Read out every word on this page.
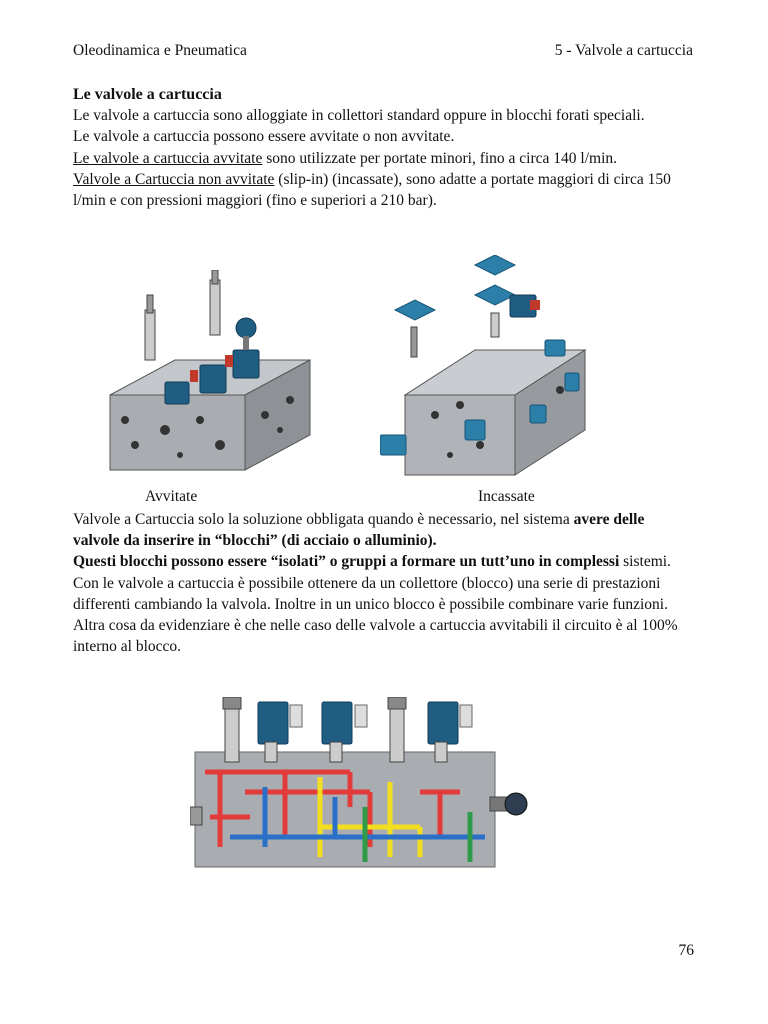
Oleodinamica e Pneumatica	5 - Valvole a cartuccia

Le valvole a cartuccia

Le valvole a cartuccia sono alloggiate in collettori standard oppure in blocchi forati speciali.

Le valvole a cartuccia possono essere avvitate o non avvitate.

Le valvole a cartuccia avvitate sono utilizzate per portate minori, fino a circa 140 l/min.

Valvole a Cartuccia non avvitate (slip-in) (incassate), sono adatte a portate maggiori di circa 150 l/min e con pressioni maggiori (fino e superiori a 210 bar).

Avvitate	Incassate

Valvole a Cartuccia solo la soluzione obbligata quando è necessario, nel sistema avere delle valvole da inserire in “blocchi” (di acciaio o alluminio).

Questi blocchi possono essere “isolati” o gruppi a formare un tutt’uno in complessi sistemi.

Con le valvole a cartuccia è possibile ottenere da un collettore (blocco) una serie di prestazioni differenti cambiando la valvola. Inoltre in un unico blocco è possibile combinare varie funzioni.

Altra cosa da evidenziare è che nelle caso delle valvole a cartuccia avvitabili il circuito è al 100% interno al blocco.

76
